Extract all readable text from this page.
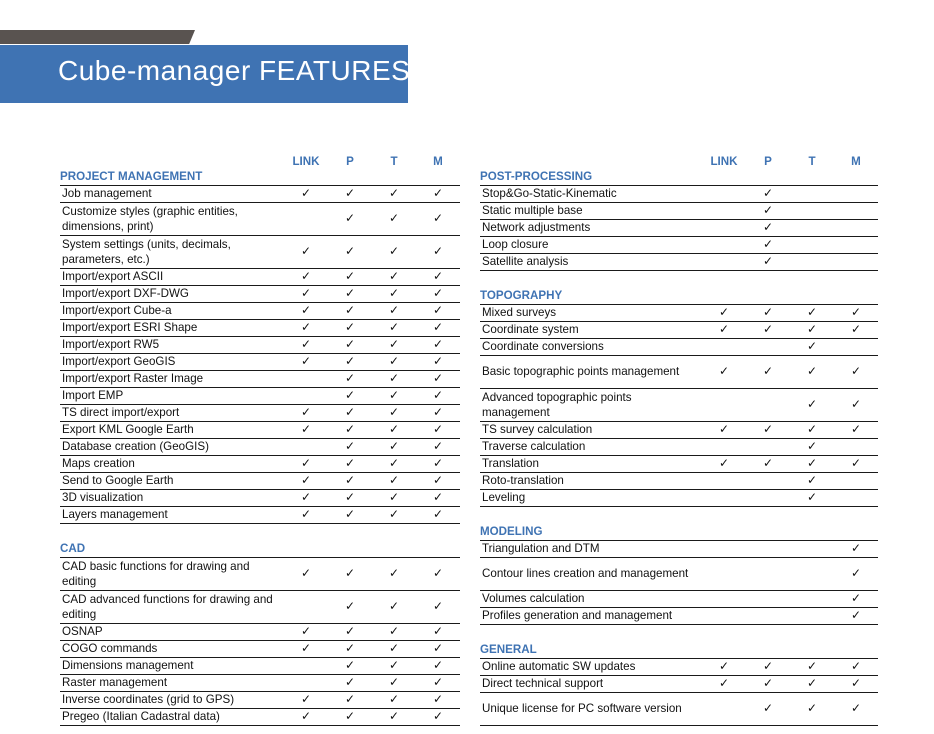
Cube-manager FEATURES
	LINK	P	T	M
PROJECT MANAGEMENT				
Job management	✓	✓	✓	✓
Customize styles (graphic entities, dimensions, print)		✓	✓	✓
System settings (units, decimals, parameters, etc.)	✓	✓	✓	✓
Import/export ASCII	✓	✓	✓	✓
Import/export DXF-DWG	✓	✓	✓	✓
Import/export Cube-a	✓	✓	✓	✓
Import/export ESRI Shape	✓	✓	✓	✓
Import/export RW5	✓	✓	✓	✓
Import/export GeoGIS	✓	✓	✓	✓
Import/export Raster Image		✓	✓	✓
Import EMP		✓	✓	✓
TS direct import/export	✓	✓	✓	✓
Export KML Google Earth	✓	✓	✓	✓
Database creation (GeoGIS)		✓	✓	✓
Maps creation	✓	✓	✓	✓
Send to Google Earth	✓	✓	✓	✓
3D visualization	✓	✓	✓	✓
Layers management	✓	✓	✓	✓

CAD				
CAD basic functions for drawing and editing	✓	✓	✓	✓
CAD advanced functions for drawing and editing		✓	✓	✓
OSNAP	✓	✓	✓	✓
COGO commands	✓	✓	✓	✓
Dimensions management		✓	✓	✓
Raster management		✓	✓	✓
Inverse coordinates (grid to GPS)	✓	✓	✓	✓
Pregeo (Italian Cadastral data)	✓	✓	✓	✓
	LINK	P	T	M
POST-PROCESSING				
Stop&Go-Static-Kinematic		✓		
Static multiple base		✓		
Network adjustments		✓		
Loop closure		✓		
Satellite analysis		✓		

TOPOGRAPHY				
Mixed surveys	✓	✓	✓	✓
Coordinate system	✓	✓	✓	✓
Coordinate conversions			✓	
Basic topographic points management	✓	✓	✓	✓
Advanced topographic points management			✓	✓
TS survey calculation	✓	✓	✓	✓
Traverse calculation			✓	
Translation	✓	✓	✓	✓
Roto-translation			✓	
Leveling			✓	

MODELING				
Triangulation and DTM				✓
Contour lines creation and management				✓
Volumes calculation				✓
Profiles generation and management				✓

GENERAL				
Online automatic SW updates	✓	✓	✓	✓
Direct technical support	✓	✓	✓	✓
Unique license for PC software version		✓	✓	✓
